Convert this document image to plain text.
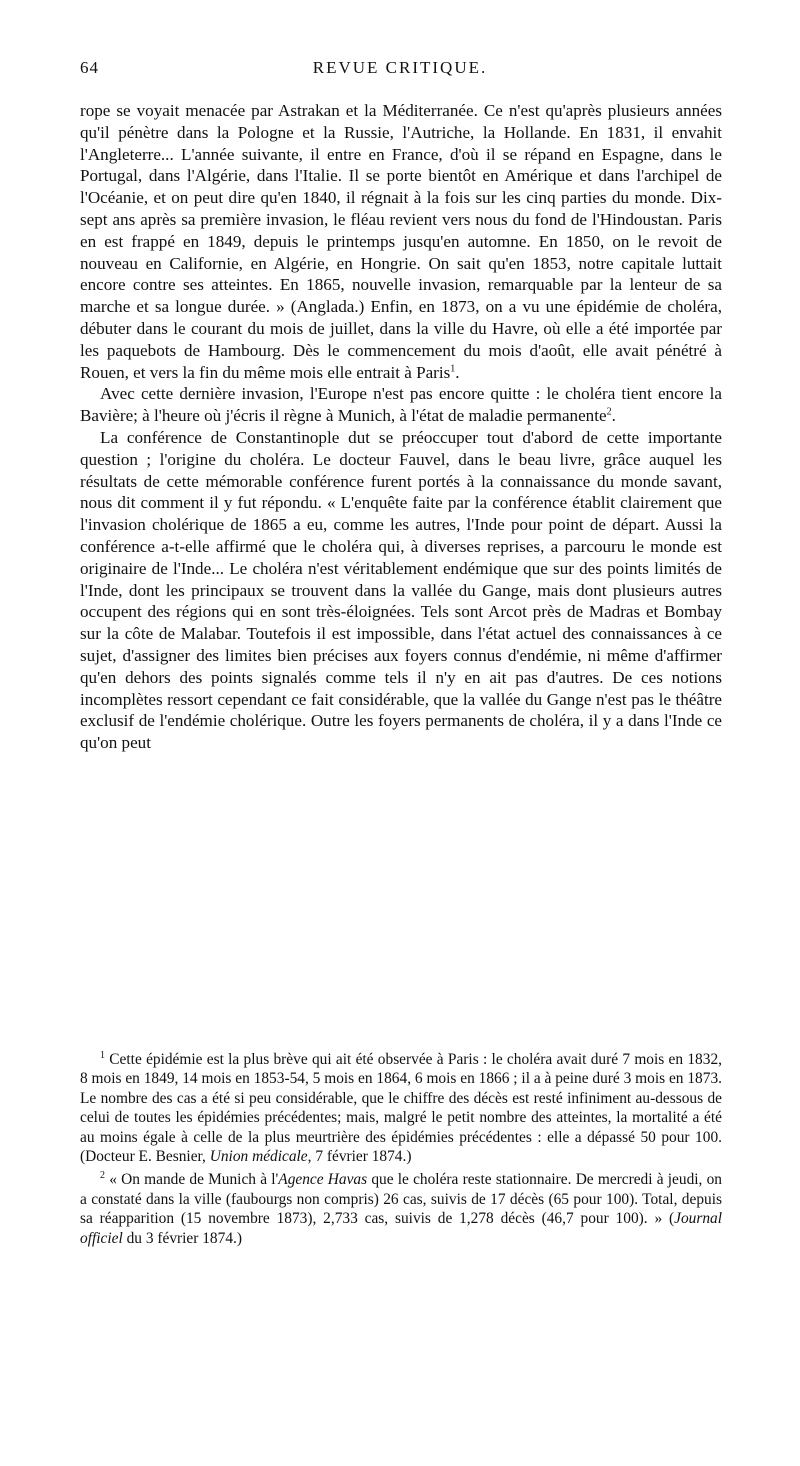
64	REVUE CRITIQUE.

rope se voyait menacée par Astrakan et la Méditerranée. Ce n'est qu'après plusieurs années qu'il pénètre dans la Pologne et la Russie, l'Autriche, la Hollande. En 1831, il envahit l'Angleterre... L'année suivante, il entre en France, d'où il se répand en Espagne, dans le Portugal, dans l'Algérie, dans l'Italie. Il se porte bientôt en Amérique et dans l'archipel de l'Océanie, et on peut dire qu'en 1840, il régnait à la fois sur les cinq parties du monde. Dix-sept ans après sa première invasion, le fléau revient vers nous du fond de l'Hindoustan. Paris en est frappé en 1849, depuis le printemps jusqu'en automne. En 1850, on le revoit de nouveau en Californie, en Algérie, en Hongrie. On sait qu'en 1853, notre capitale luttait encore contre ses atteintes. En 1865, nouvelle invasion, remarquable par la lenteur de sa marche et sa longue durée. » (Anglada.) Enfin, en 1873, on a vu une épidémie de choléra, débuter dans le courant du mois de juillet, dans la ville du Havre, où elle a été importée par les paquebots de Hambourg. Dès le commencement du mois d'août, elle avait pénétré à Rouen, et vers la fin du même mois elle entrait à Paris$^1$.

Avec cette dernière invasion, l'Europe n'est pas encore quitte : le choléra tient encore la Bavière; à l'heure où j'écris il règne à Munich, à l'état de maladie permanente$^2$.

La conférence de Constantinople dut se préoccuper tout d'abord de cette importante question ; l'origine du choléra. Le docteur Fauvel, dans le beau livre, grâce auquel les résultats de cette mémorable conférence furent portés à la connaissance du monde savant, nous dit comment il y fut répondu. « L'enquête faite par la conférence établit clairement que l'invasion cholérique de 1865 a eu, comme les autres, l'Inde pour point de départ. Aussi la conférence a-t-elle affirmé que le choléra qui, à diverses reprises, a parcouru le monde est originaire de l'Inde... Le choléra n'est véritablement endémique que sur des points limités de l'Inde, dont les principaux se trouvent dans la vallée du Gange, mais dont plusieurs autres occupent des régions qui en sont très-éloignées. Tels sont Arcot près de Madras et Bombay sur la côte de Malabar. Toutefois il est impossible, dans l'état actuel des connaissances à ce sujet, d'assigner des limites bien précises aux foyers connus d'endémie, ni même d'affirmer qu'en dehors des points signalés comme tels il n'y en ait pas d'autres. De ces notions incomplètes ressort cependant ce fait considérable, que la vallée du Gange n'est pas le théâtre exclusif de l'endémie cholérique. Outre les foyers permanents de choléra, il y a dans l'Inde ce qu'on peut

$^1$ Cette épidémie est la plus brève qui ait été observée à Paris : le choléra avait duré 7 mois en 1832, 8 mois en 1849, 14 mois en 1853-54, 5 mois en 1864, 6 mois en 1866 ; il a à peine duré 3 mois en 1873. Le nombre des cas a été si peu considérable, que le chiffre des décès est resté infiniment au-dessous de celui de toutes les épidémies précédentes; mais, malgré le petit nombre des atteintes, la mortalité a été au moins égale à celle de la plus meurtrière des épidémies précédentes : elle a dépassé 50 pour 100. (Docteur E. Besnier, Union médicale, 7 février 1874.)

$^2$ « On mande de Munich à l'Agence Havas que le choléra reste stationnaire. De mercredi à jeudi, on a constaté dans la ville (faubourgs non compris) 26 cas, suivis de 17 décès (65 pour 100). Total, depuis sa réapparition (15 novembre 1873), 2,733 cas, suivis de 1,278 décès (46,7 pour 100). » (Journal officiel du 3 février 1874.)
